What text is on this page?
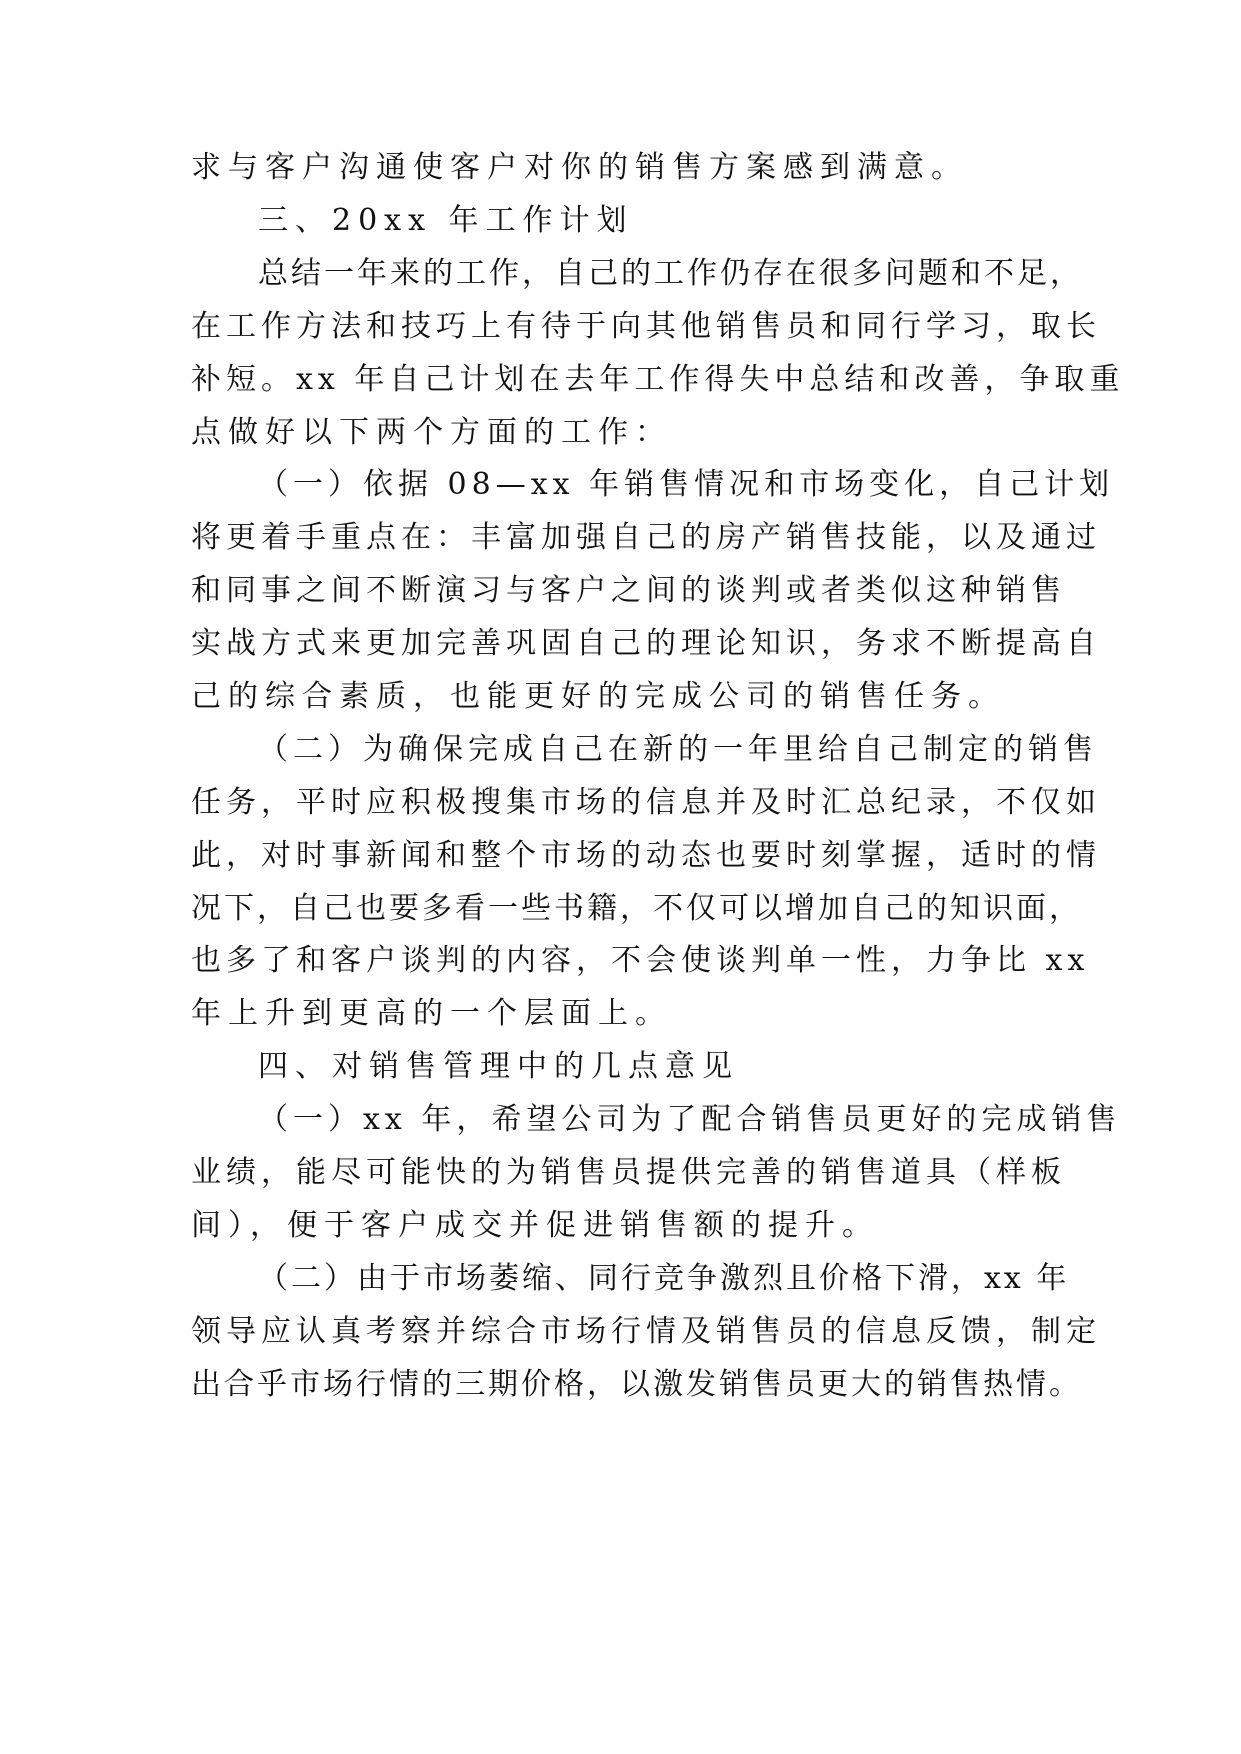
求与客户沟通使客户对你的销售方案感到满意。

三、20xx 年工作计划

总结一年来的工作，自己的工作仍存在很多问题和不足，

在工作方法和技巧上有待于向其他销售员和同行学习，取长

补短。xx 年自己计划在去年工作得失中总结和改善，争取重

点做好以下两个方面的工作：

（一）依据 08—xx 年销售情况和市场变化，自己计划

将更着手重点在：丰富加强自己的房产销售技能，以及通过

和同事之间不断演习与客户之间的谈判或者类似这种销售

实战方式来更加完善巩固自己的理论知识，务求不断提高自

己的综合素质，也能更好的完成公司的销售任务。

（二）为确保完成自己在新的一年里给自己制定的销售

任务，平时应积极搜集市场的信息并及时汇总纪录，不仅如

此，对时事新闻和整个市场的动态也要时刻掌握，适时的情

况下，自己也要多看一些书籍，不仅可以增加自己的知识面，

也多了和客户谈判的内容，不会使谈判单一性，力争比 xx

年上升到更高的一个层面上。

四、对销售管理中的几点意见

（一）xx 年，希望公司为了配合销售员更好的完成销售

业绩，能尽可能快的为销售员提供完善的销售道具（样板

间），便于客户成交并促进销售额的提升。

（二）由于市场萎缩、同行竞争激烈且价格下滑，xx 年

领导应认真考察并综合市场行情及销售员的信息反馈，制定

出合乎市场行情的三期价格，以激发销售员更大的销售热情。
